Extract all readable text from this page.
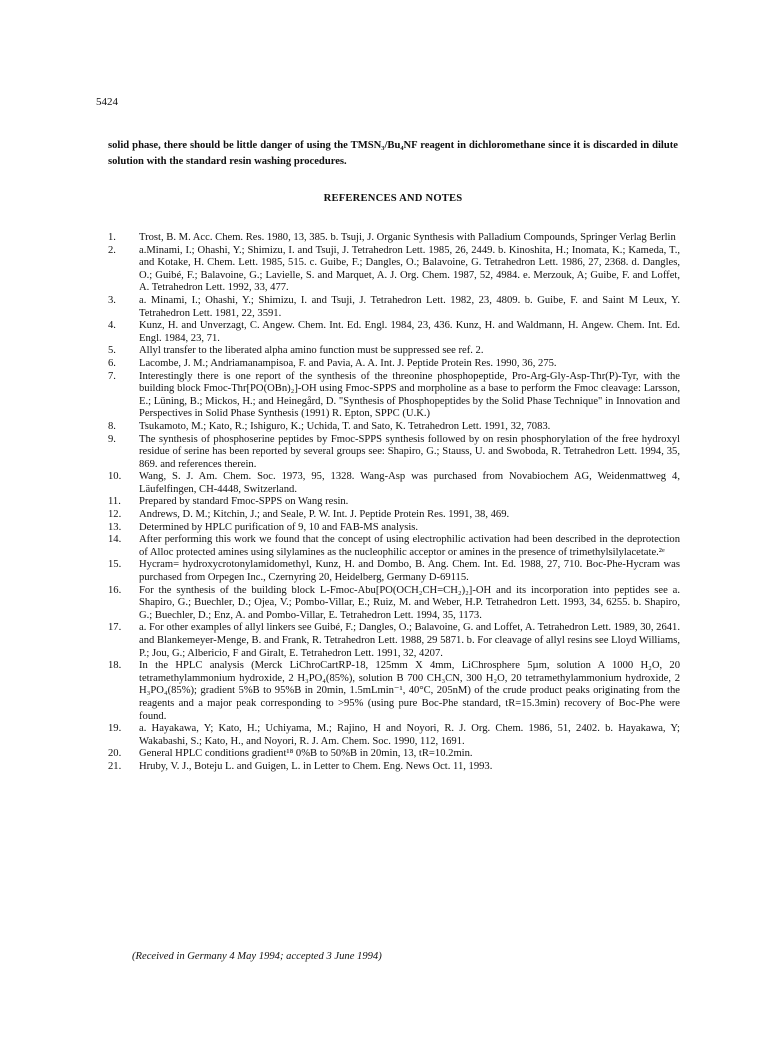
5424

solid phase, there should be little danger of using the TMSN₃/Bu₄NF reagent in dichloromethane since it is discarded in dilute solution with the standard resin washing procedures.

REFERENCES AND NOTES
1.	Trost, B. M. Acc. Chem. Res. 1980, 13, 385. b. Tsuji, J. Organic Synthesis with Palladium Compounds, Springer Verlag Berlin
2.	a.Minami, I.; Ohashi, Y.; Shimizu, I. and Tsuji, J. Tetrahedron Lett. 1985, 26, 2449. b. Kinoshita, H.; Inomata, K.; Kameda, T., and Kotake, H. Chem. Lett. 1985, 515. c. Guibe, F.; Dangles, O.; Balavoine, G. Tetrahedron Lett. 1986, 27, 2368. d. Dangles, O.; Guibé, F.; Balavoine, G.; Lavielle, S. and Marquet, A. J. Org. Chem. 1987, 52, 4984. e. Merzouk, A; Guibe, F. and Loffet, A. Tetrahedron Lett. 1992, 33, 477.
3.	a. Minami, I.; Ohashi, Y.; Shimizu, I. and Tsuji, J. Tetrahedron Lett. 1982, 23, 4809. b. Guibe, F. and Saint M Leux, Y. Tetrahedron Lett. 1981, 22, 3591.
4.	Kunz, H. and Unverzagt, C. Angew. Chem. Int. Ed. Engl. 1984, 23, 436. Kunz, H. and Waldmann, H. Angew. Chem. Int. Ed. Engl. 1984, 23, 71.
5.	Allyl transfer to the liberated alpha amino function must be suppressed see ref. 2.
6.	Lacombe, J. M.; Andriamanampisoa, F. and Pavia, A. A. Int. J. Peptide Protein Res. 1990, 36, 275.
7.	Interestingly there is one report of the synthesis of the threonine phosphopeptide, Pro-Arg-Gly-Asp-Thr(P)-Tyr, with the building block Fmoc-Thr[PO(OBn)₂]-OH using Fmoc-SPPS and morpholine as a base to perform the Fmoc cleavage: Larsson, E.; Lüning, B.; Mickos, H.; and Heinegård, D. "Synthesis of Phosphopeptides by the Solid Phase Technique" in Innovation and Perspectives in Solid Phase Synthesis (1991) R. Epton, SPPC (U.K.)
8.	Tsukamoto, M.; Kato, R.; Ishiguro, K.; Uchida, T. and Sato, K. Tetrahedron Lett. 1991, 32, 7083.
9.	The synthesis of phosphoserine peptides by Fmoc-SPPS synthesis followed by on resin phosphorylation of the free hydroxyl residue of serine has been reported by several groups see: Shapiro, G.; Stauss, U. and Swoboda, R. Tetrahedron Lett. 1994, 35, 869. and references therein.
10.	Wang, S. J. Am. Chem. Soc. 1973, 95, 1328. Wang-Asp was purchased from Novabiochem AG, Weidenmattweg 4, Läufelfingen, CH-4448, Switzerland.
11.	Prepared by standard Fmoc-SPPS on Wang resin.
12.	Andrews, D. M.; Kitchin, J.; and Seale, P. W. Int. J. Peptide Protein Res. 1991, 38, 469.
13.	Determined by HPLC purification of 9, 10 and FAB-MS analysis.
14.	After performing this work we found that the concept of using electrophilic activation had been described in the deprotection of Alloc protected amines using silylamines as the nucleophilic acceptor or amines in the presence of trimethylsilylacetate.²ᵉ
15.	Hycram= hydroxycrotonylamidomethyl, Kunz, H. and Dombo, B. Ang. Chem. Int. Ed. 1988, 27, 710. Boc-Phe-Hycram was purchased from Orpegen Inc., Czernyring 20, Heidelberg, Germany D-69115.
16.	For the synthesis of the building block L-Fmoc-Abu[PO(OCH₂CH=CH₂)₂]-OH and its incorporation into peptides see a. Shapiro, G.; Buechler, D.; Ojea, V.; Pombo-Villar, E.; Ruiz, M. and Weber, H.P. Tetrahedron Lett. 1993, 34, 6255. b. Shapiro, G.; Buechler, D.; Enz, A. and Pombo-Villar, E. Tetrahedron Lett. 1994, 35, 1173.
17.	a. For other examples of allyl linkers see Guibé, F.; Dangles, O.; Balavoine, G. and Loffet, A. Tetrahedron Lett. 1989, 30, 2641. and Blankemeyer-Menge, B. and Frank, R. Tetrahedron Lett. 1988, 29 5871. b. For cleavage of allyl resins see Lloyd Williams, P.; Jou, G.; Albericio, F and Giralt, E. Tetrahedron Lett. 1991, 32, 4207.
18.	In the HPLC analysis (Merck LiChroCartRP-18, 125mm X 4mm, LiChrosphere 5µm, solution A 1000 H₂O, 20 tetramethylammonium hydroxide, 2 H₃PO₄(85%), solution B 700 CH₃CN, 300 H₂O, 20 tetramethylammonium hydroxide, 2 H₃PO₄(85%); gradient 5%B to 95%B in 20min, 1.5mLmin⁻¹, 40°C, 205nM) of the crude product peaks originating from the reagents and a major peak corresponding to >95% (using pure Boc-Phe standard, tR=15.3min) recovery of Boc-Phe were found.
19.	a. Hayakawa, Y; Kato, H.; Uchiyama, M.; Rajino, H and Noyori, R. J. Org. Chem. 1986, 51, 2402. b. Hayakawa, Y; Wakabashi, S.; Kato, H., and Noyori, R. J. Am. Chem. Soc. 1990, 112, 1691.
20.	General HPLC conditions gradient¹⁸ 0%B to 50%B in 20min, 13, tR=10.2min.
21.	Hruby, V. J., Boteju L. and Guigen, L. in Letter to Chem. Eng. News Oct. 11, 1993.
(Received in Germany 4 May 1994; accepted 3 June 1994)
